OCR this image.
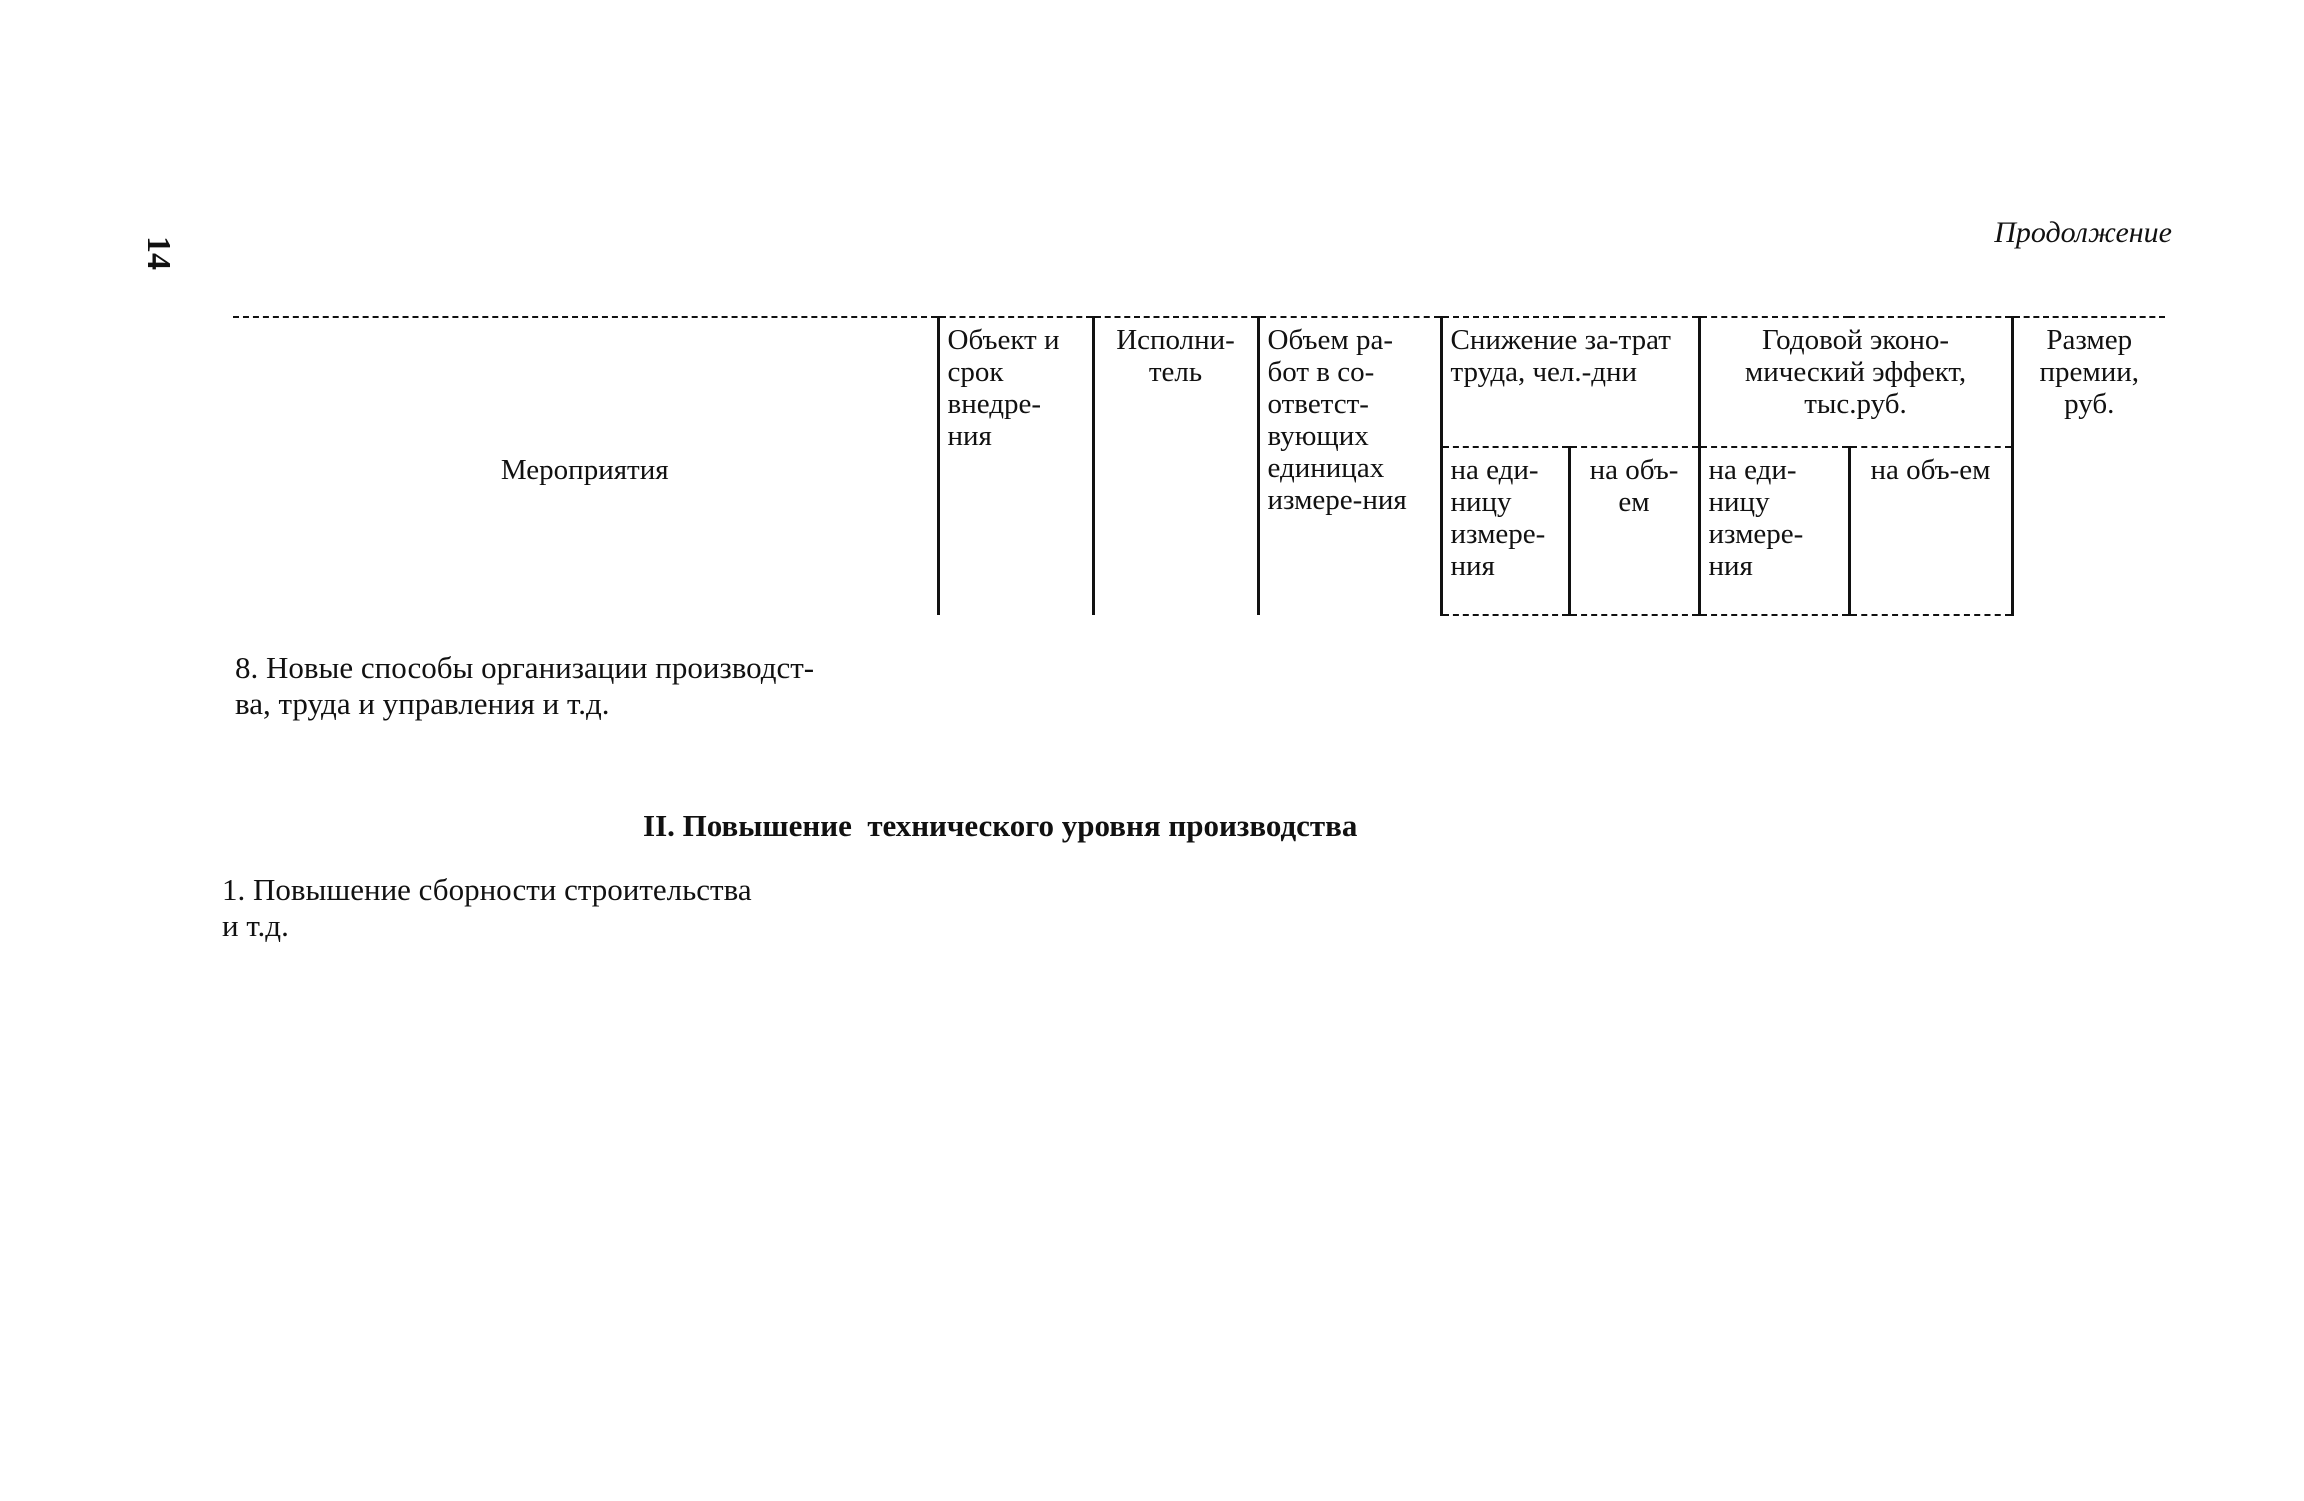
14
Продолжение
Мероприятия	Объект и срок внедре-ния	Исполни-тель	Объем ра-бот в со-ответст-вующих единицах измере-ния	Снижение за-трат труда, чел.-дни		Годовой эконо-мический эффект, тыс.руб.		Размер премии, руб.
				на еди-ницу измере-ния	на объ-ем	на еди-ницу измере-ния	на объ-ем	
8. Новые способы организации производст-
ва, труда и управления и т.д.
II. Повышение  технического уровня производства
1. Повышение сборности строительства
и т.д.
